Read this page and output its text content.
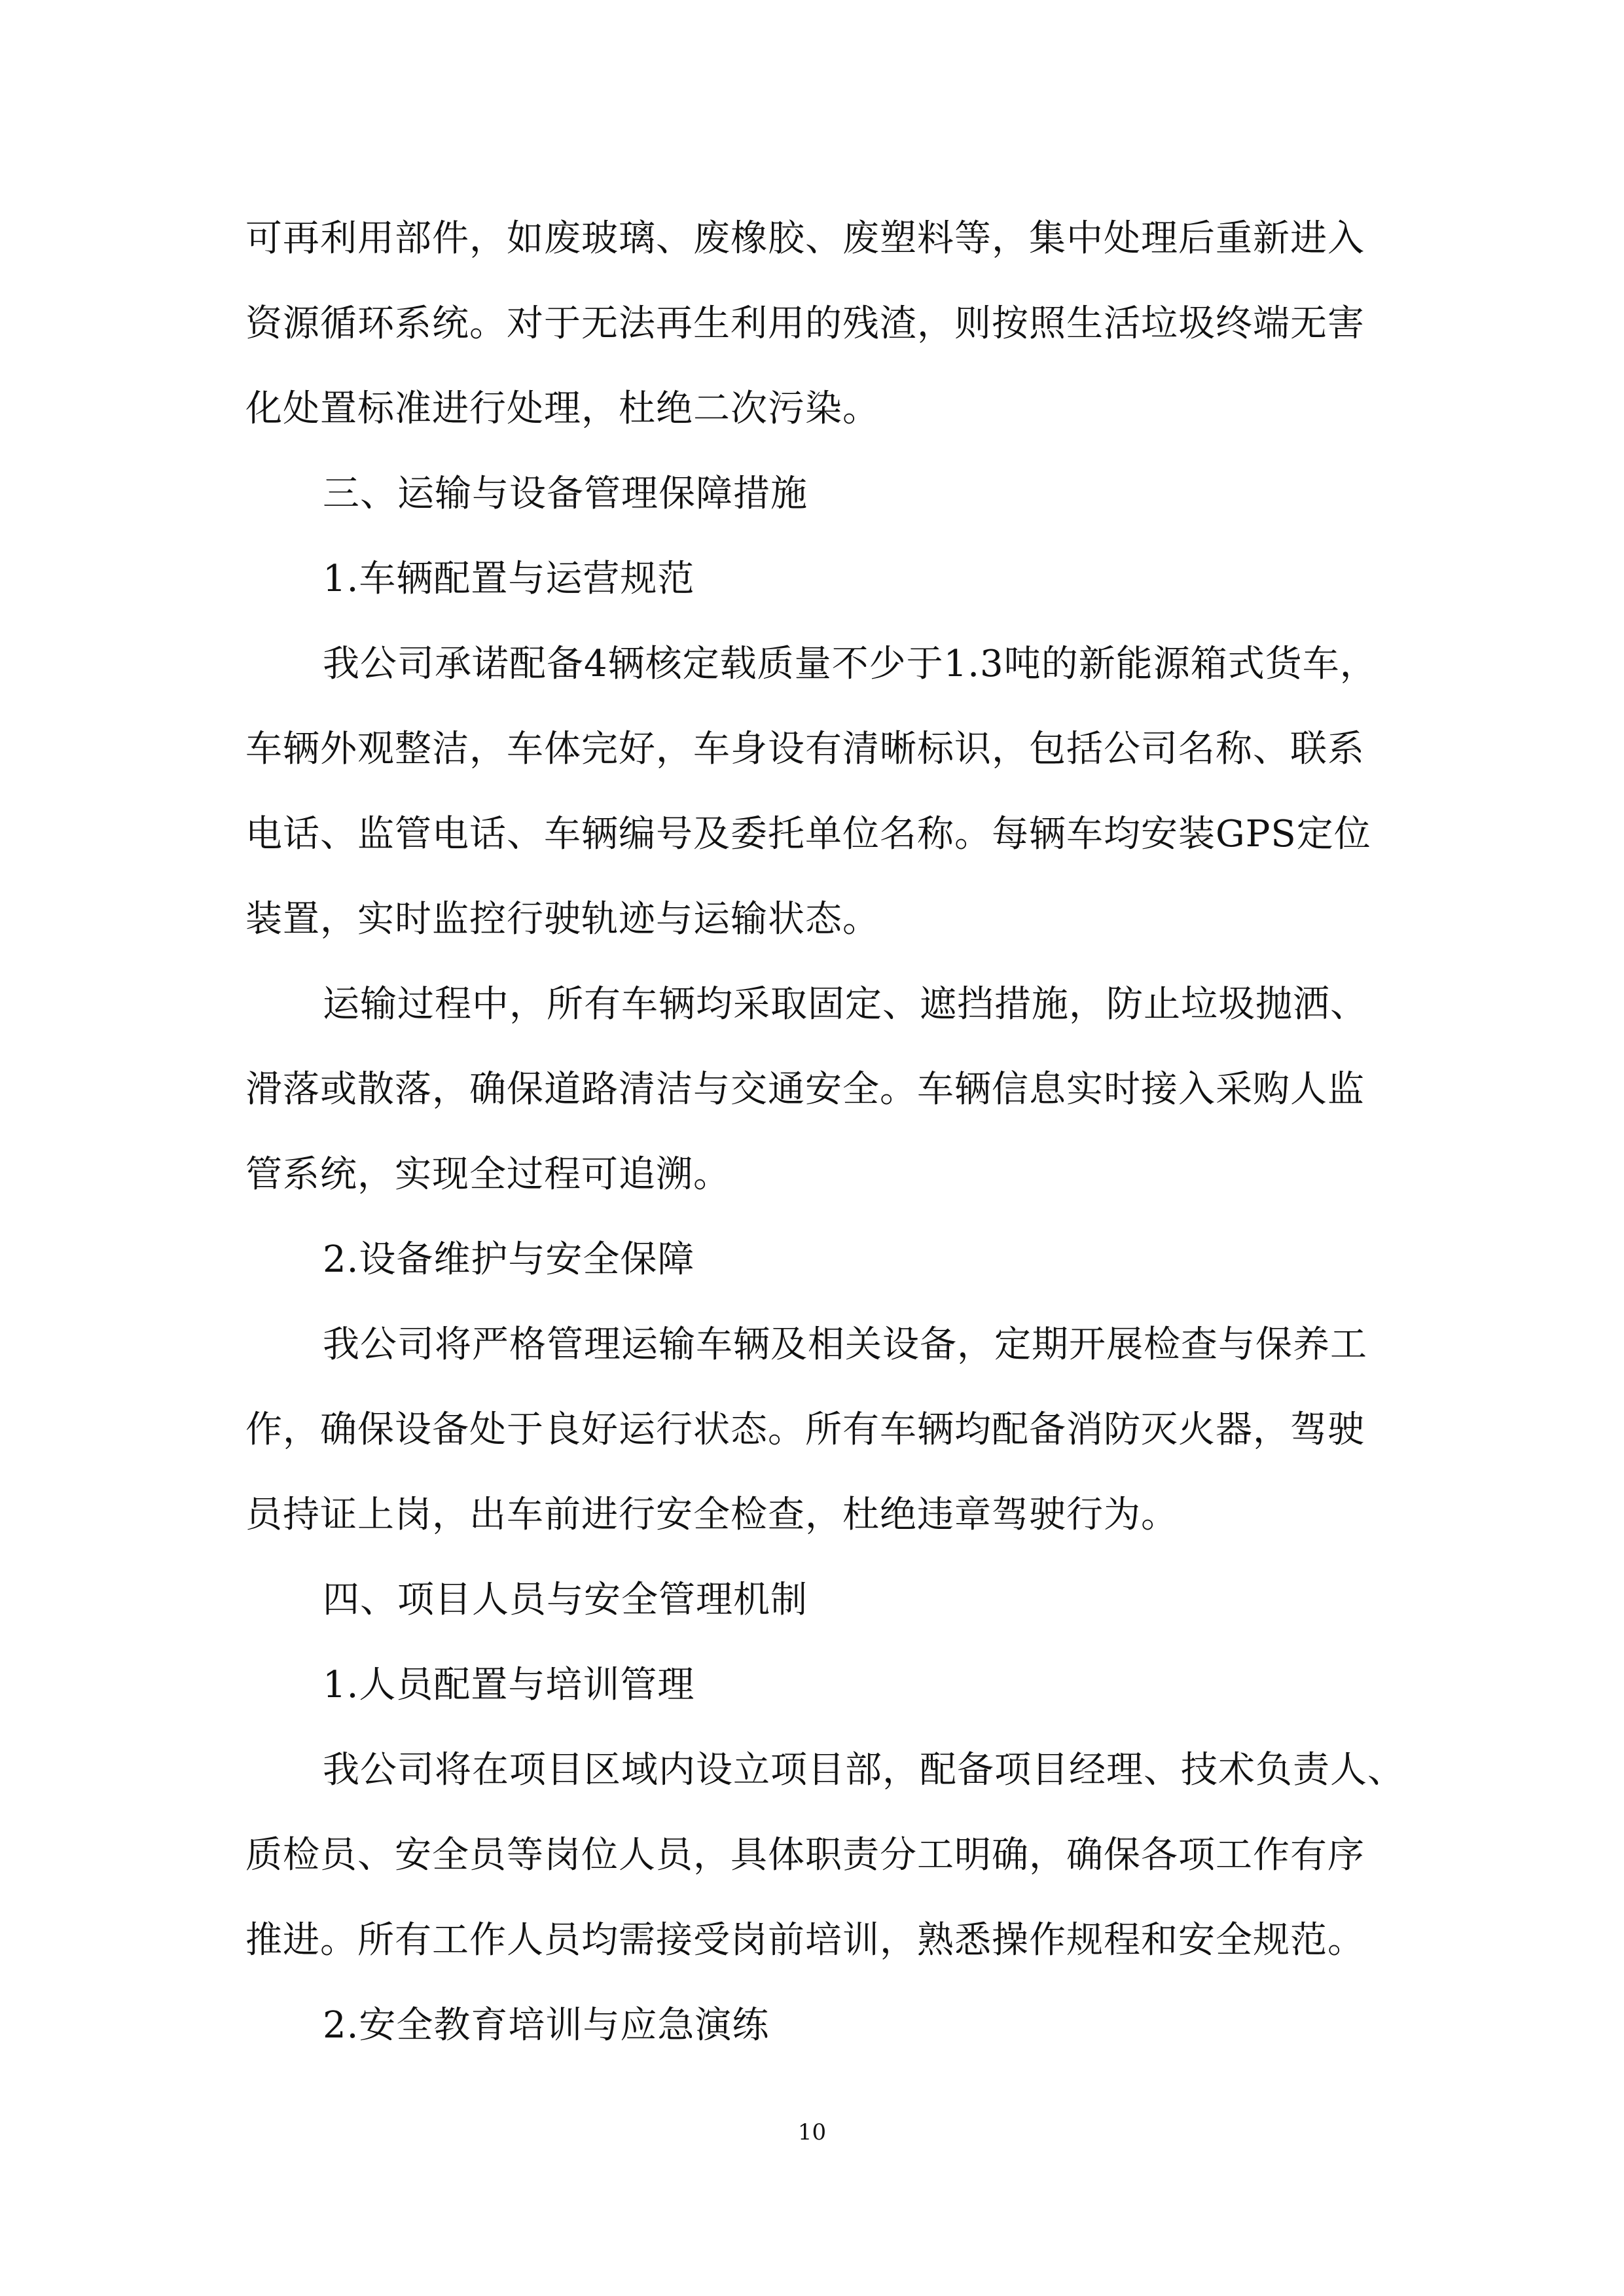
可再利用部件，如废玻璃、废橡胶、废塑料等，集中处理后重新进入
资源循环系统。对于无法再生利用的残渣，则按照生活垃圾终端无害
化处置标准进行处理，杜绝二次污染。
三、运输与设备管理保障措施
1.车辆配置与运营规范
我公司承诺配备4辆核定载质量不少于1.3吨的新能源箱式货车，
车辆外观整洁，车体完好，车身设有清晰标识，包括公司名称、联系
电话、监管电话、车辆编号及委托单位名称。每辆车均安装GPS定位
装置，实时监控行驶轨迹与运输状态。
运输过程中，所有车辆均采取固定、遮挡措施，防止垃圾抛洒、
滑落或散落，确保道路清洁与交通安全。车辆信息实时接入采购人监
管系统，实现全过程可追溯。
2.设备维护与安全保障
我公司将严格管理运输车辆及相关设备，定期开展检查与保养工
作，确保设备处于良好运行状态。所有车辆均配备消防灭火器，驾驶
员持证上岗，出车前进行安全检查，杜绝违章驾驶行为。
四、项目人员与安全管理机制
1.人员配置与培训管理
我公司将在项目区域内设立项目部，配备项目经理、技术负责人、
质检员、安全员等岗位人员，具体职责分工明确，确保各项工作有序
推进。所有工作人员均需接受岗前培训，熟悉操作规程和安全规范。
2.安全教育培训与应急演练
10
